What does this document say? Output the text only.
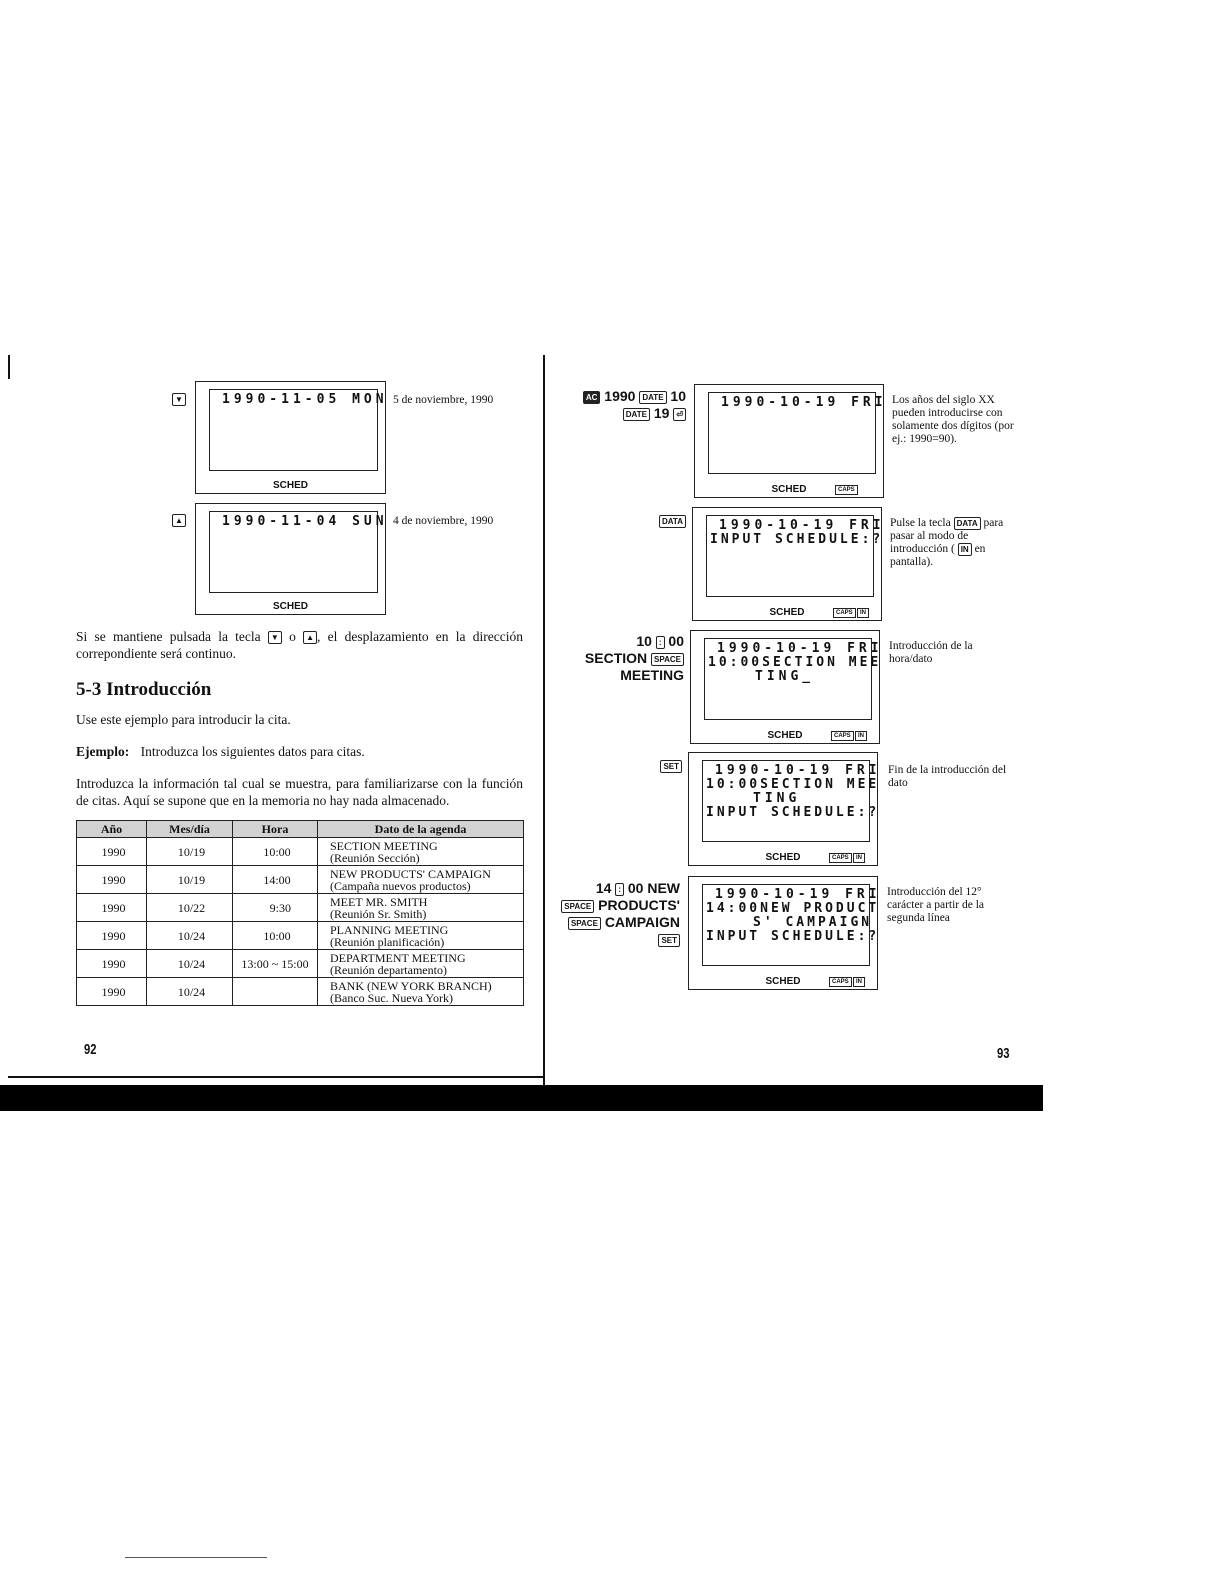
▼	1990-11-05 MON
SCHED
5 de noviembre, 1990
▲	1990-11-04 SUN
SCHED
4 de noviembre, 1990
Si se mantiene pulsada la tecla ▼ o ▲ , el desplazamiento en la dirección correpondiente será continuo.
5-3 Introducción
Use este ejemplo para introducir la cita.
Ejemplo: Introduzca los siguientes datos para citas.
Introduzca la información tal cual se muestra, para familiarizarse con la función de citas. Aquí se supone que en la memoria no hay nada almacenado.
Año	Mes/día	Hora	Dato de la agenda
1990	10/19	10:00	SECTION MEETING
(Reunión Sección)

1990	10/19	14:00	NEW PRODUCTS' CAMPAIGN
(Campaña nuevos productos)

1990	10/22	9:30	MEET MR. SMITH
(Reunión Sr. Smith)

1990	10/24	10:00	PLANNING MEETING
(Reunión planificación)

1990	10/24	13:00 ~ 15:00	DEPARTMENT MEETING
(Reunión departamento)

1990	10/24		BANK (NEW YORK BRANCH)
(Banco Suc. Nueva York)
92
AC 1990 DATE 10
DATE 19 ⏎
1990-10-19 FRI
SCHED	CAPS
Los años del siglo XX pueden introducirse con solamente dos dígitos (por ej.: 1990=90).
DATA	1990-10-19 FRI
INPUT SCHEDULE:?
SCHED	CAPS	IN
Pulse la tecla DATA para pasar al modo de introducción ( IN en pantalla).
10 : 00
SECTION SPACE
MEETING
1990-10-19 FRI
10:00SECTION MEE
TING_
SCHED	CAPS	IN
Introducción de la hora/dato
SET	1990-10-19 FRI
10:00SECTION MEE
TING
INPUT SCHEDULE:?
SCHED	CAPS	IN
Fin de la introducción del dato
14 : 00 NEW
SPACE PRODUCTS'
SPACE CAMPAIGN
SET
1990-10-19 FRI
14:00NEW PRODUCT
S' CAMPAIGN
INPUT SCHEDULE:?
SCHED	CAPS	IN
Introducción del 12° carácter a partir de la segunda línea
93
